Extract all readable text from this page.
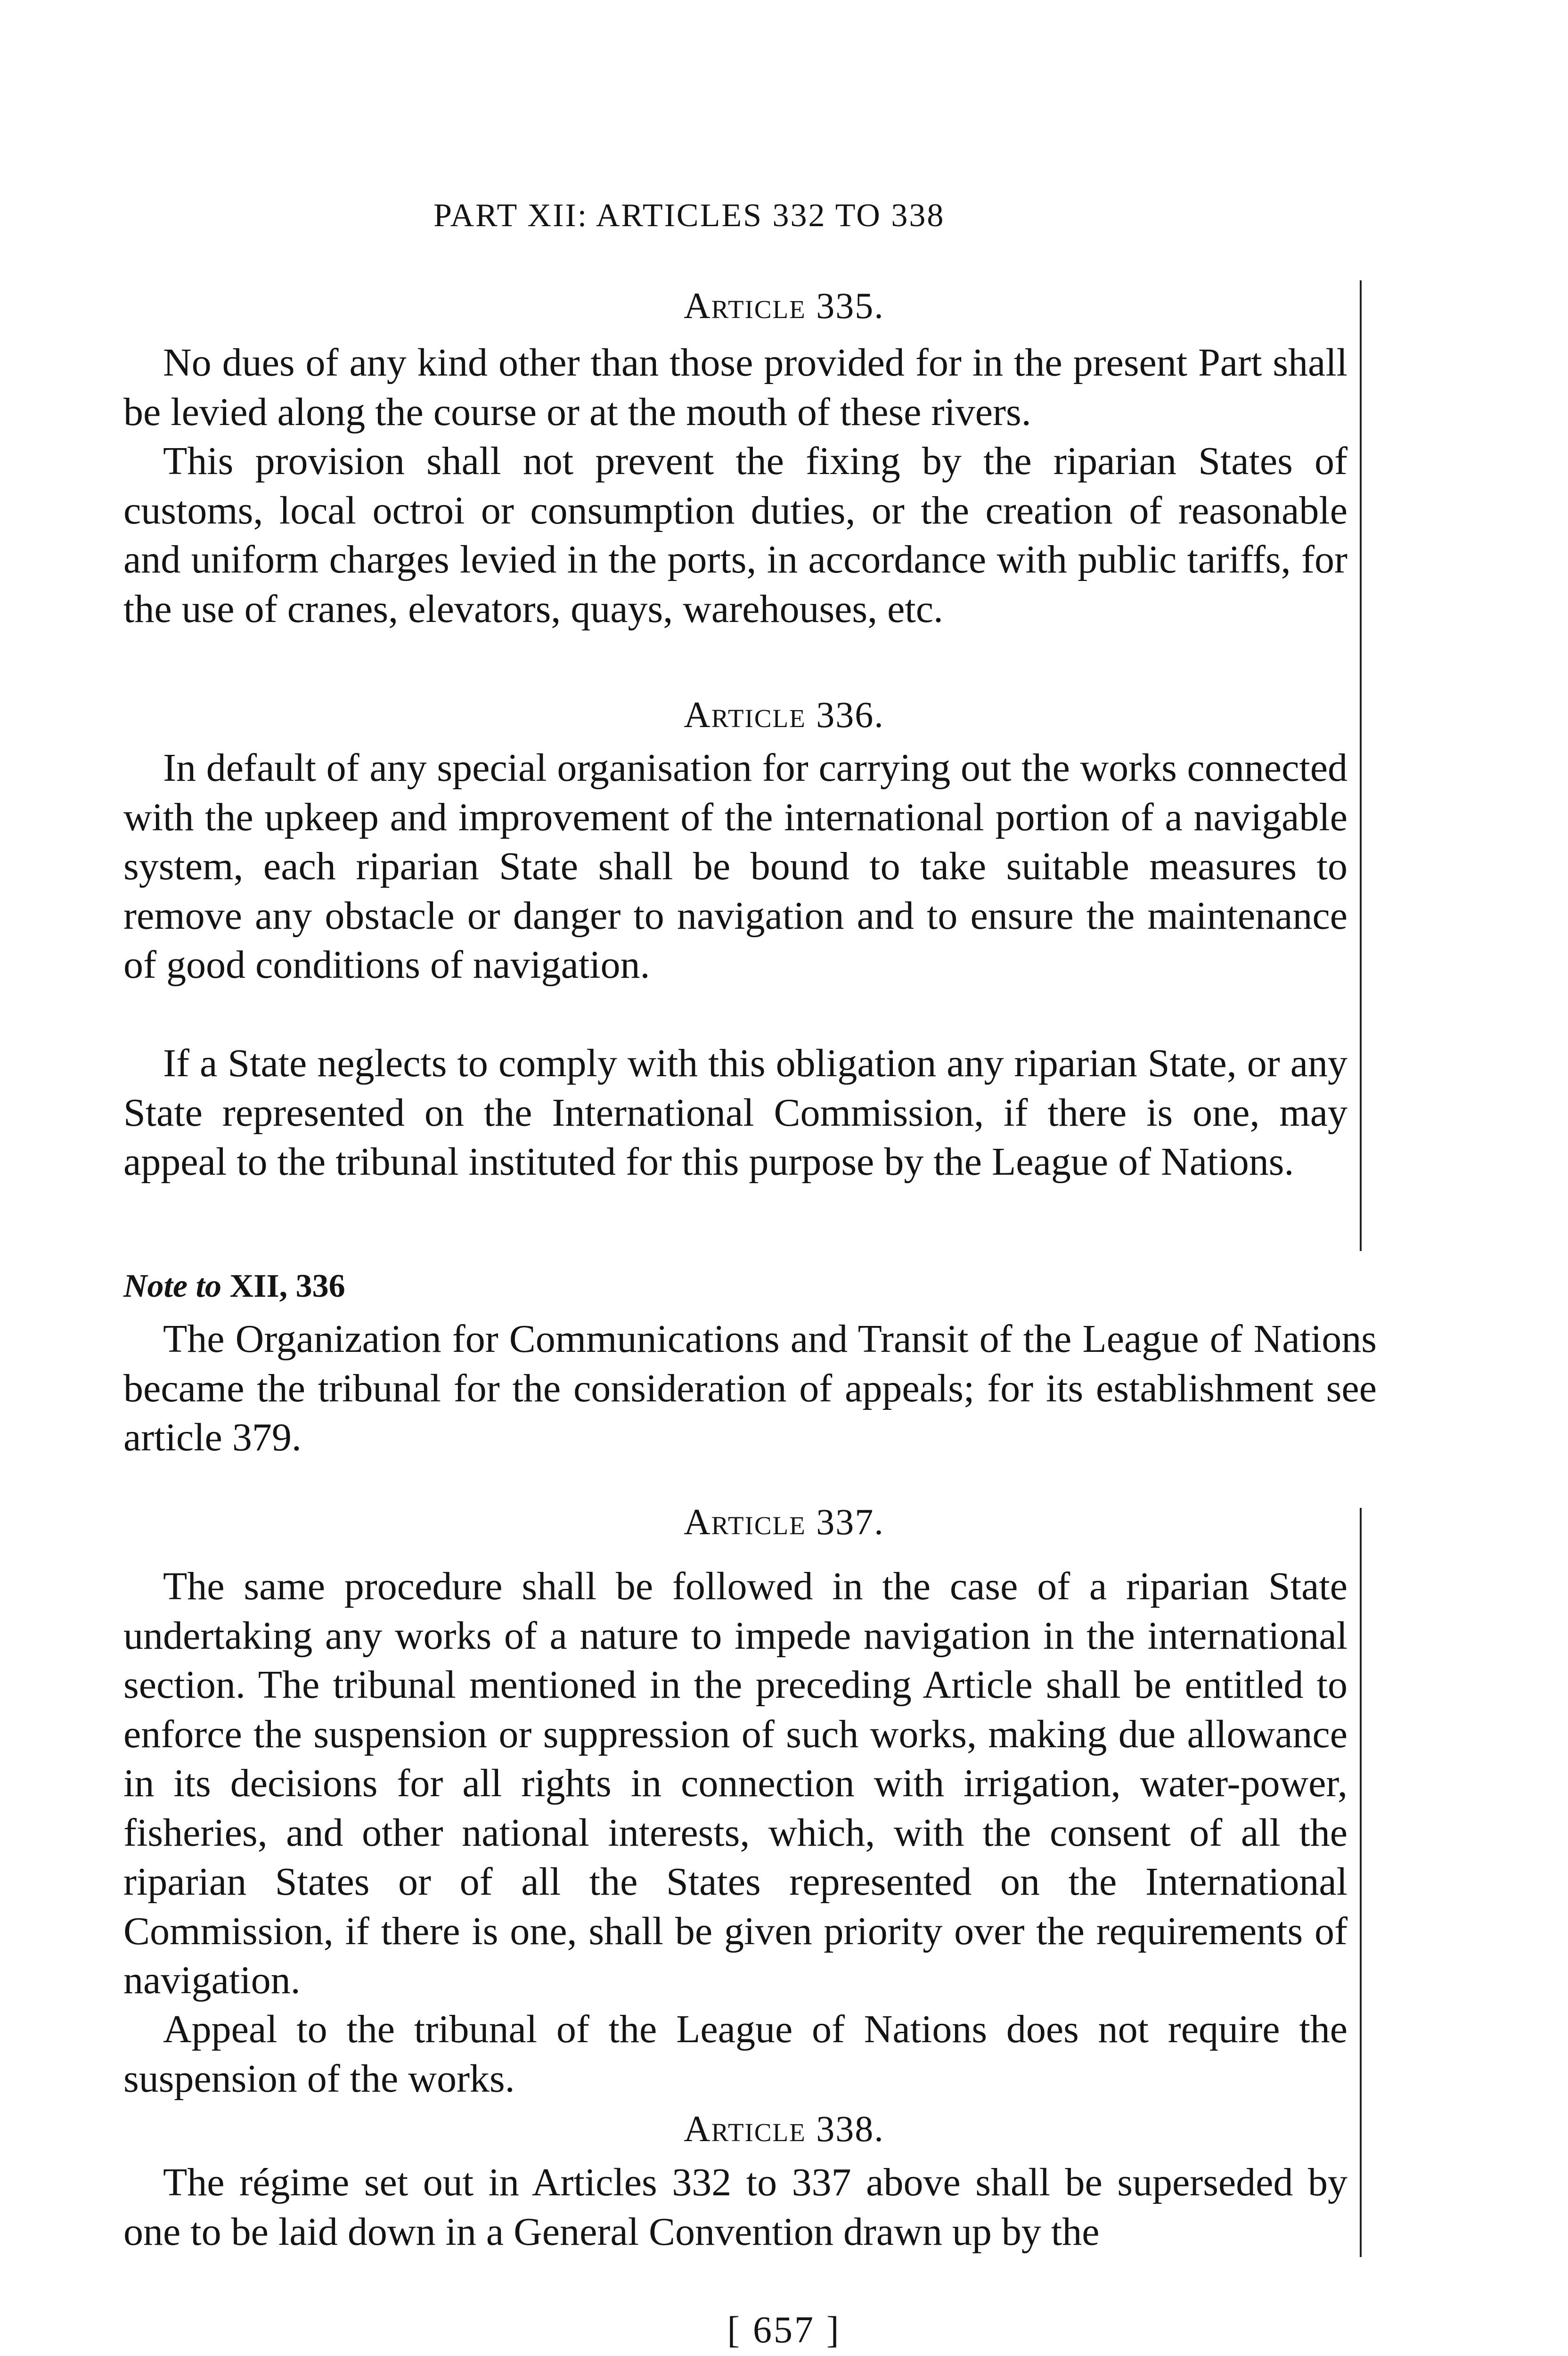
PART XII: ARTICLES 332 TO 338
Article 335.

No dues of any kind other than those provided for in the present Part shall be levied along the course or at the mouth of these rivers.

This provision shall not prevent the fixing by the riparian States of customs, local octroi or consumption duties, or the creation of reasonable and uniform charges levied in the ports, in accordance with public tariffs, for the use of cranes, elevators, quays, warehouses, etc.

Article 336.

In default of any special organisation for carrying out the works connected with the upkeep and improvement of the international portion of a navigable system, each riparian State shall be bound to take suitable measures to remove any obstacle or danger to navigation and to ensure the maintenance of good conditions of navigation.

If a State neglects to comply with this obligation any riparian State, or any State represented on the International Commission, if there is one, may appeal to the tribunal instituted for this purpose by the League of Nations.

Note to XII, 336

The Organization for Communications and Transit of the League of Nations became the tribunal for the consideration of appeals; for its establishment see article 379.

Article 337.

The same procedure shall be followed in the case of a riparian State undertaking any works of a nature to impede navigation in the international section. The tribunal mentioned in the preceding Article shall be entitled to enforce the suspension or suppression of such works, making due allowance in its decisions for all rights in connection with irrigation, water-power, fisheries, and other national interests, which, with the consent of all the riparian States or of all the States represented on the International Commission, if there is one, shall be given priority over the requirements of navigation.

Appeal to the tribunal of the League of Nations does not require the suspension of the works.

Article 338.

The régime set out in Articles 332 to 337 above shall be superseded by one to be laid down in a General Convention drawn up by the

[ 657 ]
